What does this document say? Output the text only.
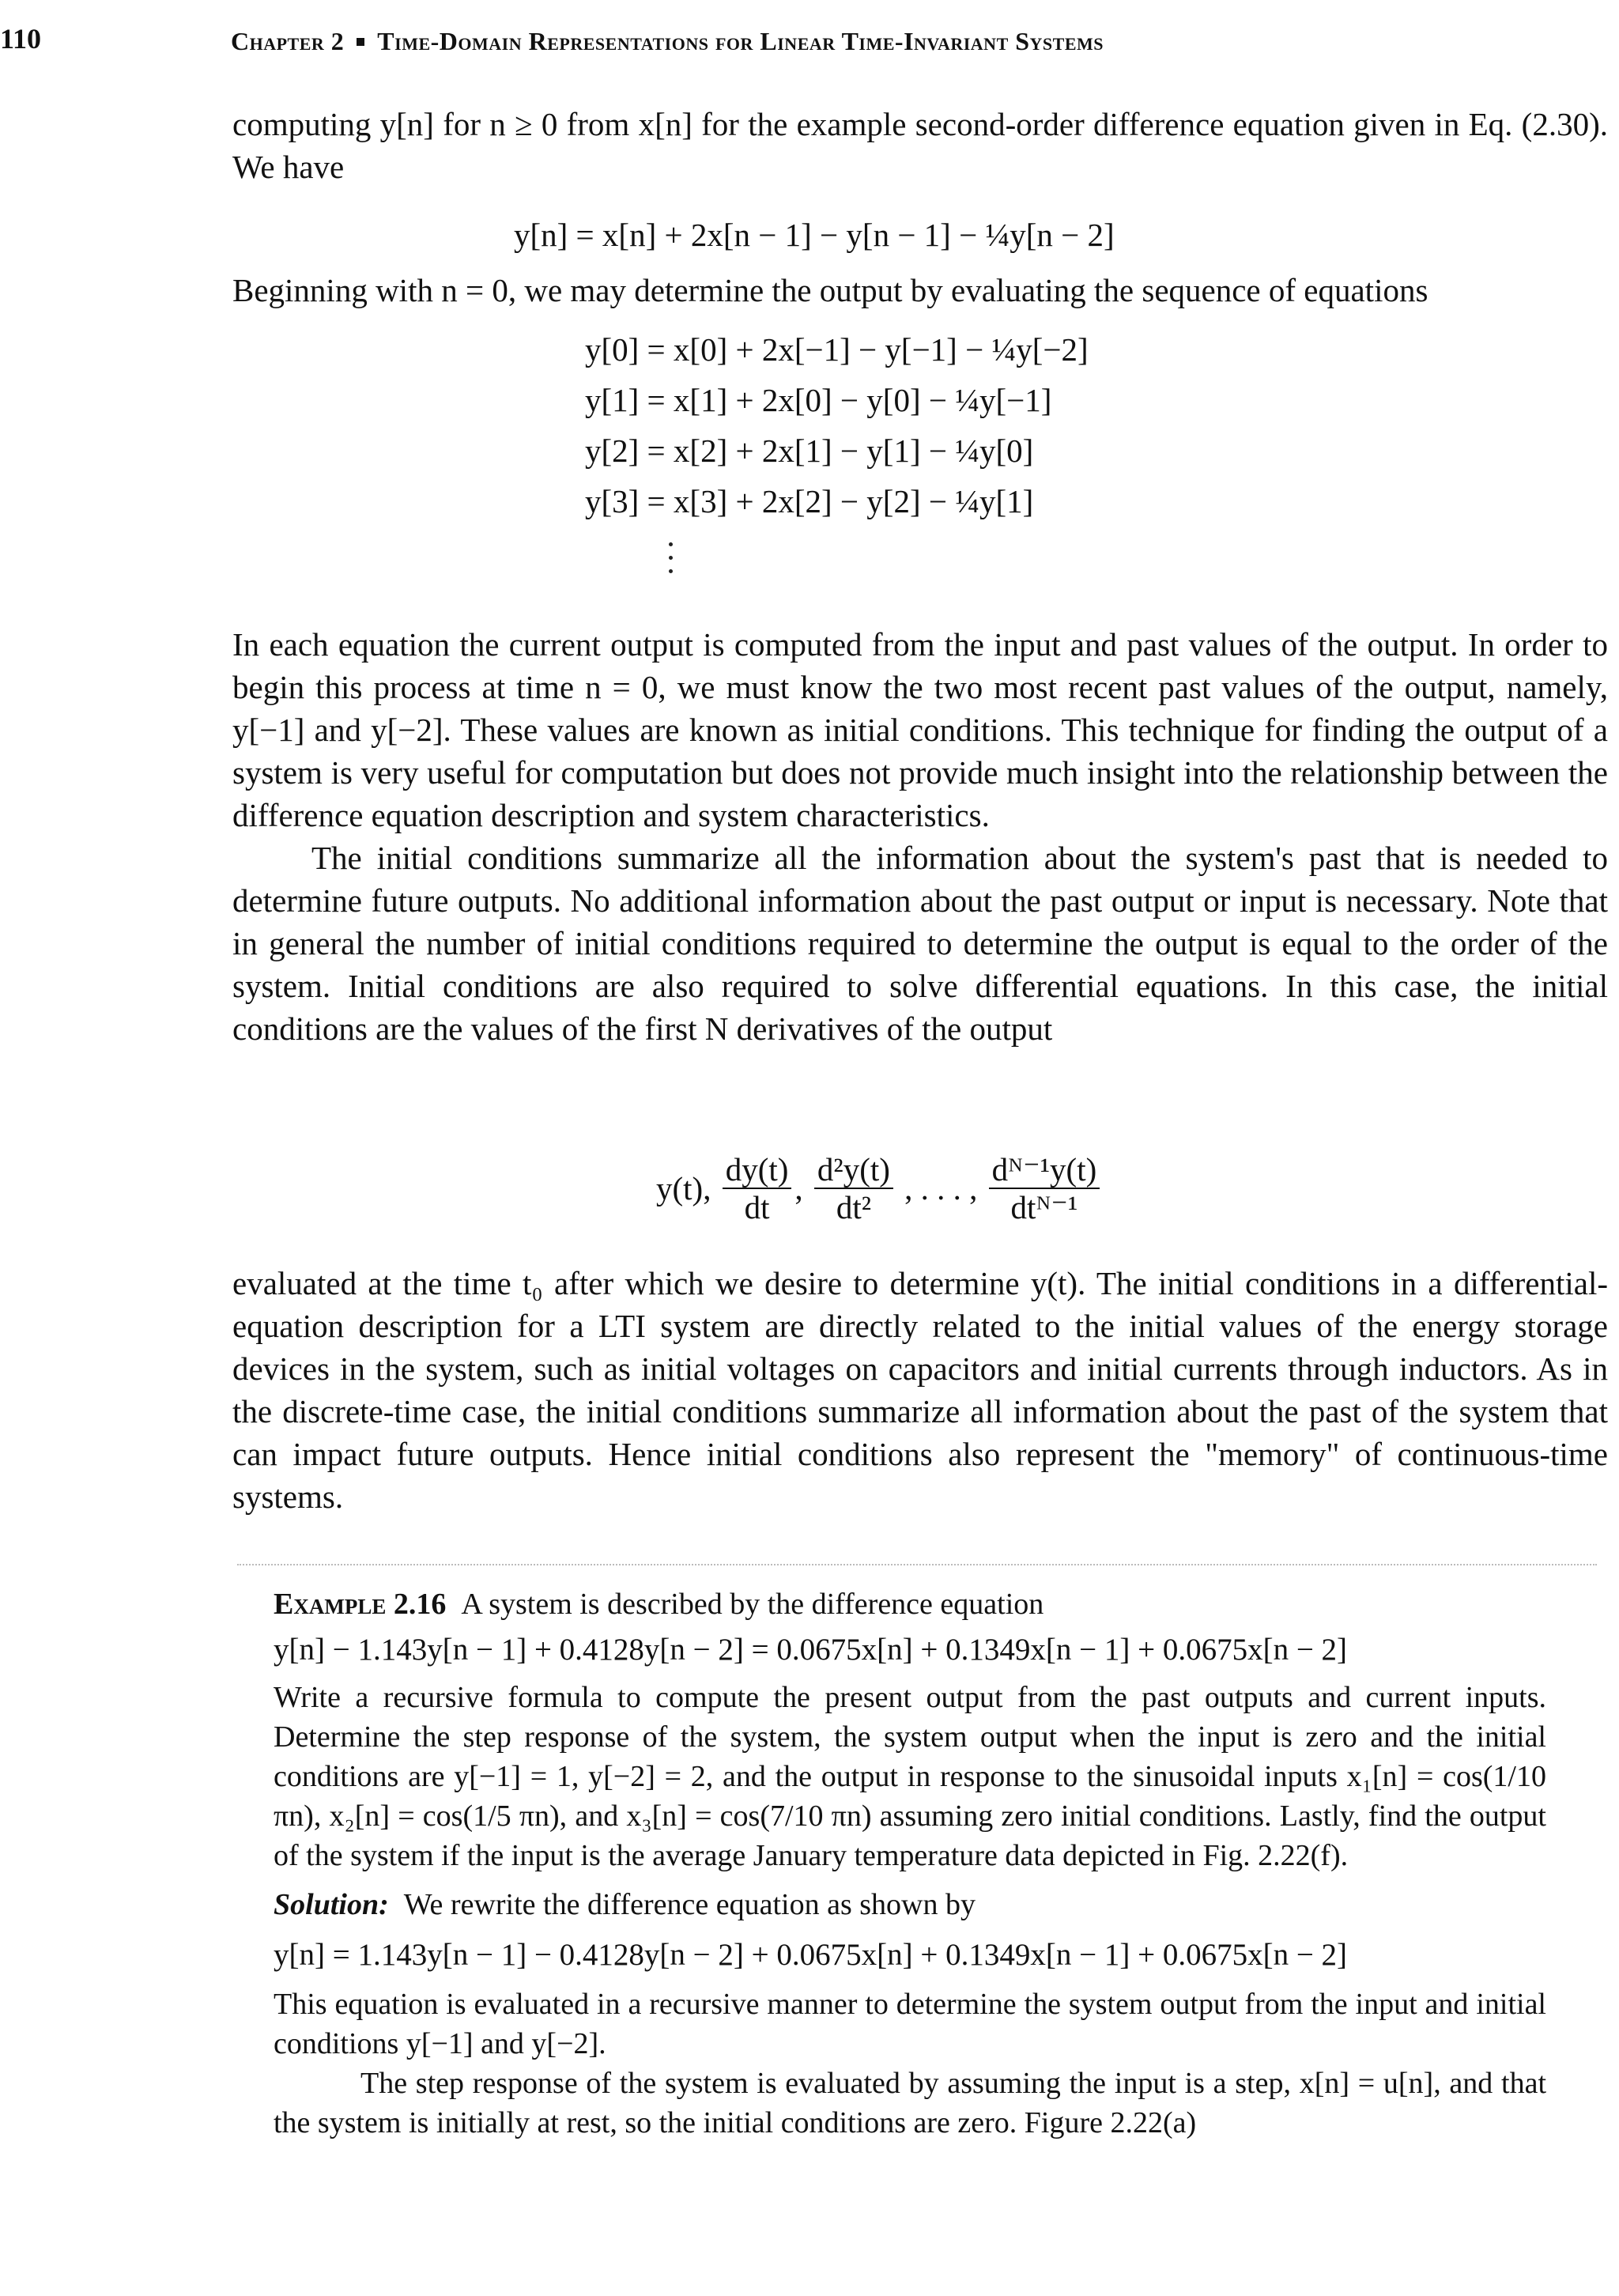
110	Chapter 2 Time-Domain Representations for Linear Time-Invariant Systems

computing y[n] for n ≥ 0 from x[n] for the example second-order difference equation given in Eq. (2.30). We have

y[n] = x[n] + 2x[n − 1] − y[n − 1] − ¼y[n − 2]

Beginning with n = 0, we may determine the output by evaluating the sequence of equations

y[0] = x[0] + 2x[−1] − y[−1] − ¼y[−2]
y[1] = x[1] + 2x[0] − y[0] − ¼y[−1]
y[2] = x[2] + 2x[1] − y[1] − ¼y[0]
y[3] = x[3] + 2x[2] − y[2] − ¼y[1]

In each equation the current output is computed from the input and past values of the output. In order to begin this process at time n = 0, we must know the two most recent past values of the output, namely, y[−1] and y[−2]. These values are known as initial conditions. This technique for finding the output of a system is very useful for computation but does not provide much insight into the relationship between the difference equation description and system characteristics.

The initial conditions summarize all the information about the system's past that is needed to determine future outputs. No additional information about the past output or input is necessary. Note that in general the number of initial conditions required to determine the output is equal to the order of the system. Initial conditions are also required to solve differential equations. In this case, the initial conditions are the values of the first N derivatives of the output

y(t), $\frac{dy(t)}{dt}$ , $\frac{\text{d²y(t)}}{\text{dt²}}$ , . . . , $\frac{\text{dᴺ⁻¹y(t)}}{\text{dtᴺ⁻¹}}$

evaluated at the time t₀ after which we desire to determine y(t). The initial conditions in a differential-equation description for a LTI system are directly related to the initial values of the energy storage devices in the system, such as initial voltages on capacitors and initial currents through inductors. As in the discrete-time case, the initial conditions summarize all information about the past of the system that can impact future outputs. Hence initial conditions also represent the "memory" of continuous-time systems.

Example 2.16 A system is described by the difference equation

y[n] − 1.143y[n − 1] + 0.4128y[n − 2] = 0.0675x[n] + 0.1349x[n − 1] + 0.0675x[n − 2]

Write a recursive formula to compute the present output from the past outputs and current inputs. Determine the step response of the system, the system output when the input is zero and the initial conditions are y[−1] = 1, y[−2] = 2, and the output in response to the sinusoidal inputs x₁[n] = cos(1/10 πn), x₂[n] = cos(1/5 πn), and x₃[n] = cos(7/10 πn) assuming zero initial conditions. Lastly, find the output of the system if the input is the average January temperature data depicted in Fig. 2.22(f).

Solution: We rewrite the difference equation as shown by

y[n] = 1.143y[n − 1] − 0.4128y[n − 2] + 0.0675x[n] + 0.1349x[n − 1] + 0.0675x[n − 2]

This equation is evaluated in a recursive manner to determine the system output from the input and initial conditions y[−1] and y[−2].

The step response of the system is evaluated by assuming the input is a step, x[n] = u[n], and that the system is initially at rest, so the initial conditions are zero. Figure 2.22(a)
